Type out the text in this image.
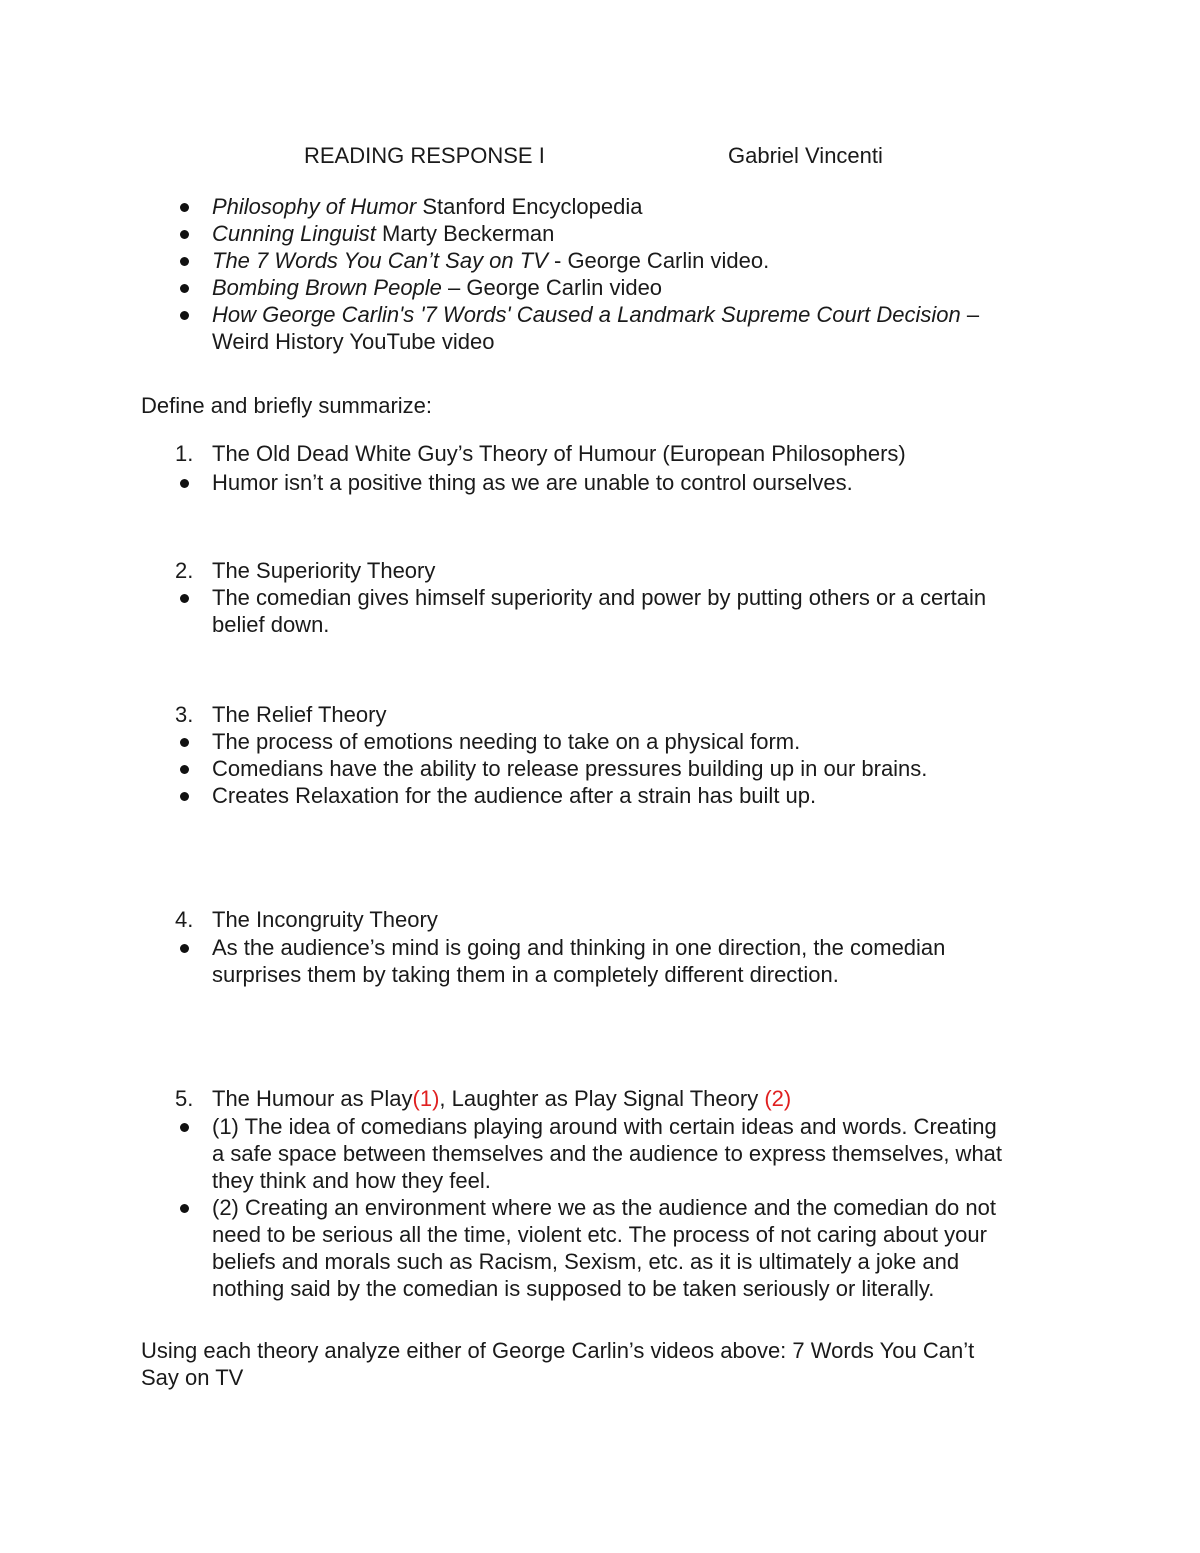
READING RESPONSE I	Gabriel Vincenti
Philosophy of Humor Stanford Encyclopedia
Cunning Linguist Marty Beckerman
The 7 Words You Can’t Say on TV - George Carlin video.
Bombing Brown People – George Carlin video
How George Carlin's '7 Words' Caused a Landmark Supreme Court Decision –
Weird History YouTube video
Define and briefly summarize:
1. The Old Dead White Guy’s Theory of Humour (European Philosophers)
Humor isn’t a positive thing as we are unable to control ourselves.
2. The Superiority Theory
The comedian gives himself superiority and power by putting others or a certain
belief down.
3. The Relief Theory
The process of emotions needing to take on a physical form.
Comedians have the ability to release pressures building up in our brains.
Creates Relaxation for the audience after a strain has built up.
4. The Incongruity Theory
As the audience’s mind is going and thinking in one direction, the comedian
surprises them by taking them in a completely different direction.
5. The Humour as Play(1), Laughter as Play Signal Theory (2)
(1) The idea of comedians playing around with certain ideas and words. Creating
a safe space between themselves and the audience to express themselves, what
they think and how they feel.
(2) Creating an environment where we as the audience and the comedian do not
need to be serious all the time, violent etc. The process of not caring about your
beliefs and morals such as Racism, Sexism, etc. as it is ultimately a joke and
nothing said by the comedian is supposed to be taken seriously or literally.
Using each theory analyze either of George Carlin’s videos above: 7 Words You Can’t
Say on TV
